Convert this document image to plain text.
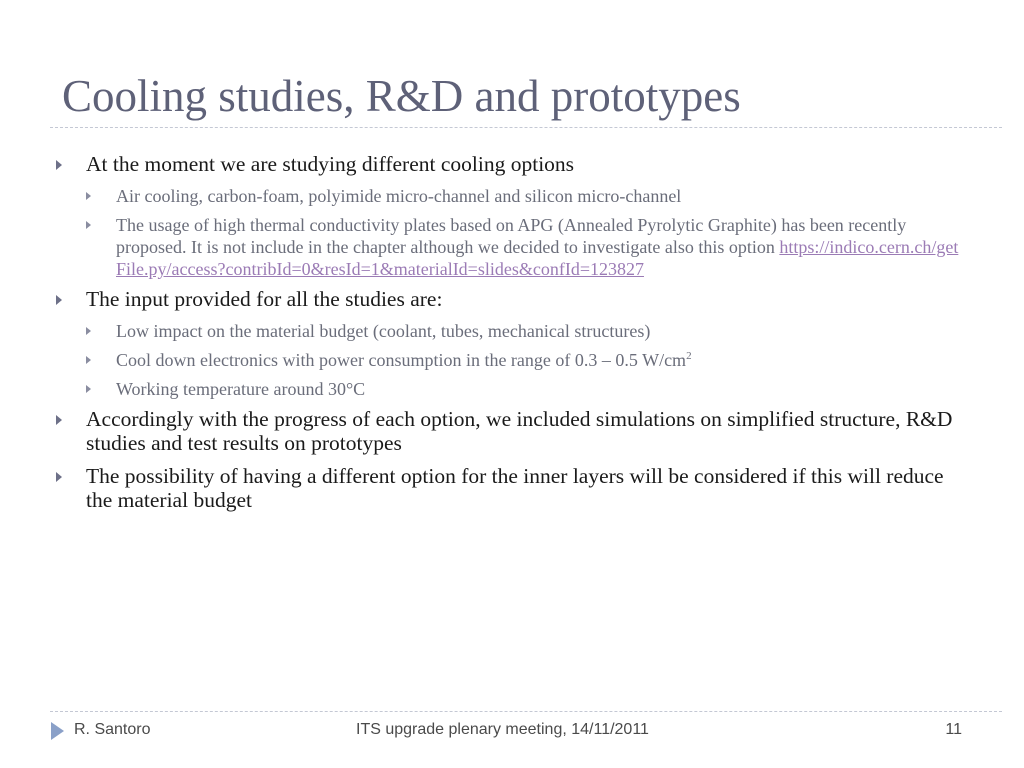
Cooling studies, R&D and prototypes
At the moment we are studying different cooling options
Air cooling, carbon-foam, polyimide micro-channel and silicon micro-channel
The usage of high thermal conductivity plates based on APG (Annealed Pyrolytic Graphite) has been recently proposed. It is not include in the chapter although we decided to investigate also this option https://indico.cern.ch/getFile.py/access?contribId=0&resId=1&materialId=slides&confId=123827
The input provided for all the studies are:
Low impact on the material budget (coolant, tubes, mechanical structures)
Cool down electronics with power consumption in the range of 0.3 – 0.5 $W/cm^2$
Working temperature around 30°C
Accordingly with the progress of each option, we included simulations on simplified structure, R&D studies and test results on prototypes
The possibility of having a different option for the inner layers will be considered if this will reduce the material budget
R. Santoro	ITS upgrade plenary meeting, 14/11/2011	11
